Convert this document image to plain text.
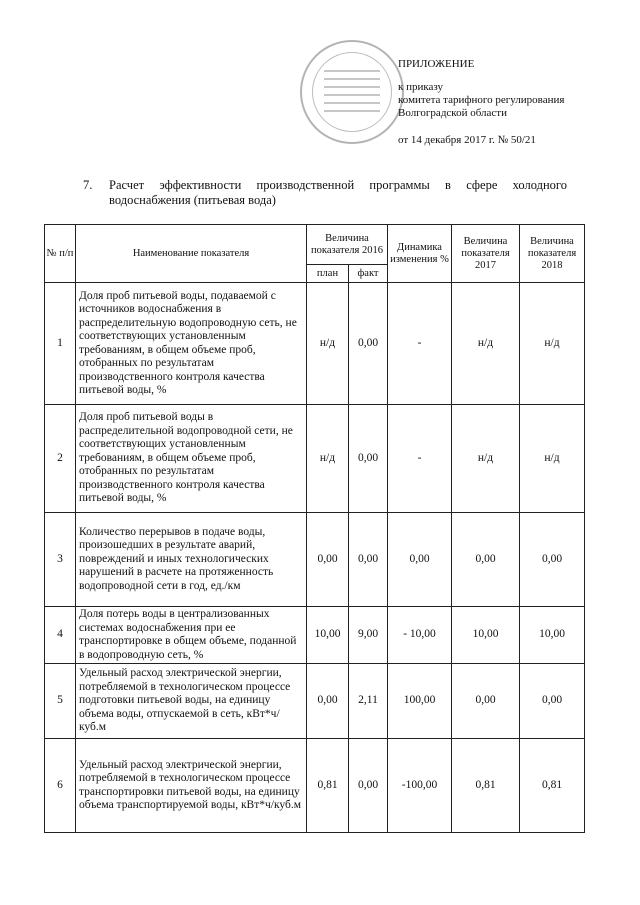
ПРИЛОЖЕНИЕ
к приказу
комитета тарифного регулирования
Волгоградской области
от 14 декабря 2017 г. № 50/21
7. Расчет эффективности производственной программы в сфере холодного водоснабжения (питьевая вода)
№ п/п	Наименование показателя	Величина показателя 2016		Динамика изменения %	Величина показателя 2017	Величина показателя 2018
		план	факт			
1	Доля проб питьевой воды, подаваемой с источников водоснабжения в распределительную водопроводную сеть, не соответствующих установленным требованиям, в общем объеме проб, отобранных по результатам производственного контроля качества питьевой воды, %	н/д	0,00	-	н/д	н/д
2	Доля проб питьевой воды в распределительной водопроводной сети, не соответствующих установленным требованиям, в общем объеме проб, отобранных по результатам производственного контроля качества питьевой воды, %	н/д	0,00	-	н/д	н/д
3	Количество перерывов в подаче воды, произошедших в результате аварий, повреждений и иных технологических нарушений в расчете на протяженность водопроводной сети в год, ед./км	0,00	0,00	0,00	0,00	0,00
4	Доля потерь воды в централизованных системах водоснабжения при ее транспортировке в общем объеме, поданной в водопроводную сеть, %	10,00	9,00	- 10,00	10,00	10,00
5	Удельный расход электрической энергии, потребляемой в технологическом процессе подготовки питьевой воды, на единицу объема воды, отпускаемой в сеть, кВт*ч/куб.м	0,00	2,11	100,00	0,00	0,00
6	Удельный расход электрической энергии, потребляемой в технологическом процессе транспортировки питьевой воды, на единицу объема транспортируемой воды, кВт*ч/куб.м	0,81	0,00	-100,00	0,81	0,81
